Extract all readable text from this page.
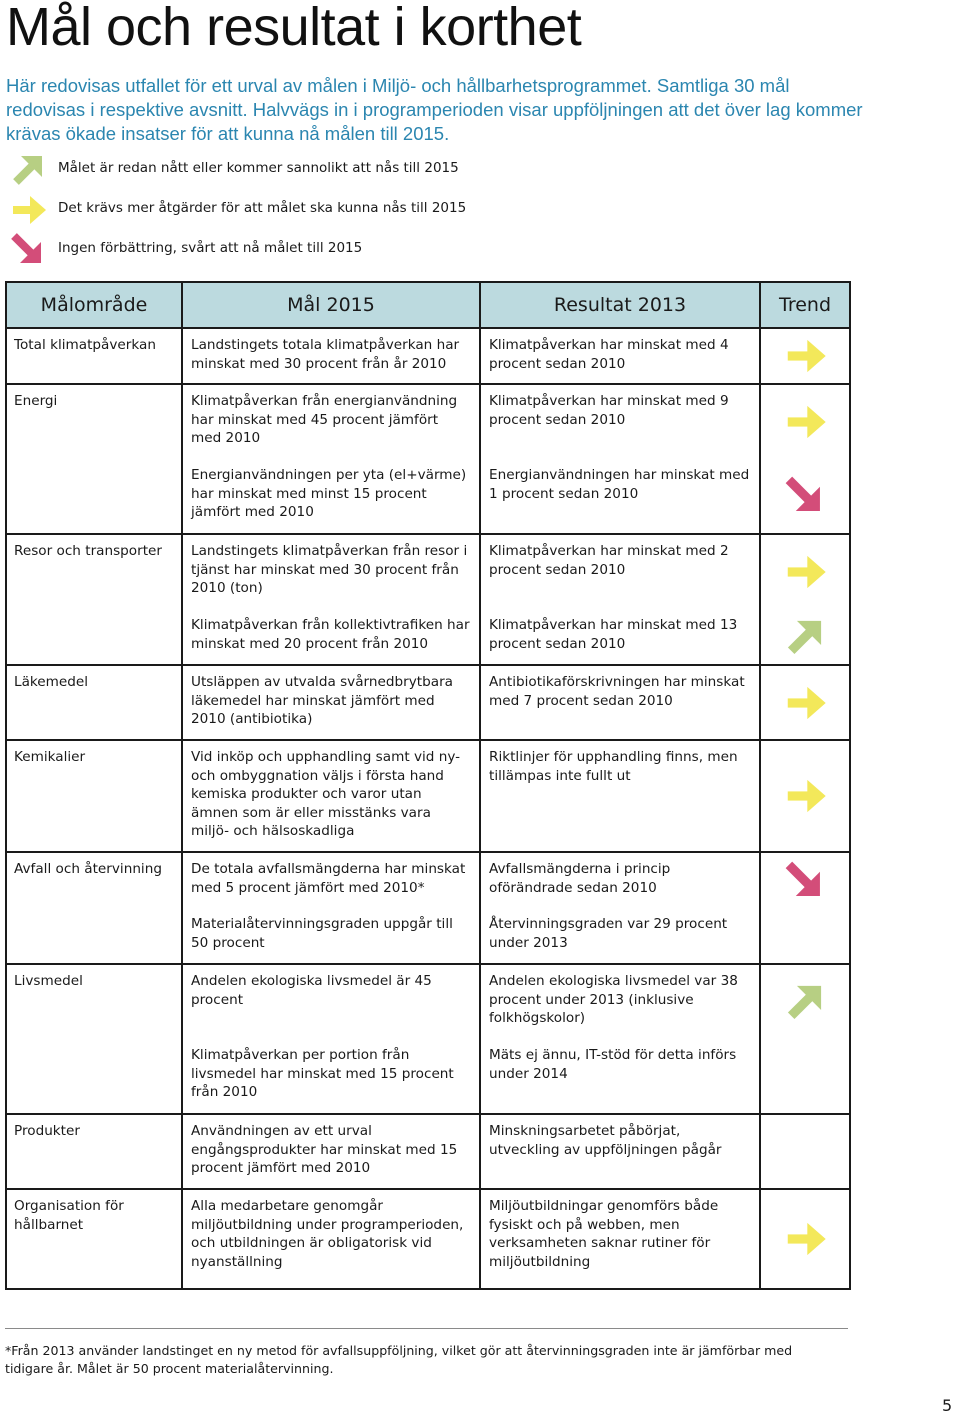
Mål och resultat i korthet

Här redovisas utfallet för ett urval av målen i Miljö- och hållbarhetsprogrammet. Samtliga 30 mål redovisas i respektive avsnitt. Halvvägs in i programperioden visar uppföljningen att det över lag kommer krävas ökade insatser för att kunna nå målen till 2015.

Målet är redan nått eller kommer sannolikt att nås till 2015
Det krävs mer åtgärder för att målet ska kunna nås till 2015
Ingen förbättring, svårt att nå målet till 2015
Målområde	Mål 2015	Resultat 2013	Trend
Total klimatpåverkan	Landstingets totala klimatpåverkan har minskat med 30 procent från år 2010	Klimatpåverkan har minskat med 4 procent sedan 2010	

Energi	Klimatpåverkan från energianvändning har minskat med 45 procent jämfört med 2010	Klimatpåverkan har minskat med 9 procent sedan 2010	

	Energianvändningen per yta (el+värme) har minskat med minst 15 procent jämfört med 2010	Energianvändningen har minskat med 1 procent sedan 2010	

Resor och transporter	Landstingets klimatpåverkan från resor i tjänst har minskat med 30 procent från 2010 (ton)	Klimatpåverkan har minskat med 2 procent sedan 2010	

	Klimatpåverkan från kollektivtrafiken har minskat med 20 procent från 2010	Klimatpåverkan har minskat med 13 procent sedan 2010	

Läkemedel	Utsläppen av utvalda svårnedbrytbara läkemedel har minskat jämfört med 2010 (antibiotika)	Antibiotikaförskrivningen har minskat med 7 procent sedan 2010	

Kemikalier	Vid inköp och upphandling samt vid ny- och ombyggnation väljs i första hand kemiska produkter och varor utan ämnen som är eller misstänks vara miljö- och hälsoskadliga	Riktlinjer för upphandling finns, men tillämpas inte fullt ut	

Avfall och återvinning	De totala avfallsmängderna har minskat med 5 procent jämfört med 2010*	Avfallsmängderna i princip oförändrade sedan 2010	

	Materialåtervinningsgraden uppgår till 50 procent	Återvinningsgraden var 29 procent under 2013	
Livsmedel	Andelen ekologiska livsmedel är 45 procent	Andelen ekologiska livsmedel var 38 procent under 2013 (inklusive folkhögskolor)	

	Klimatpåverkan per portion från livsmedel har minskat med 15 procent från 2010	Mäts ej ännu, IT-stöd för detta införs under 2014	
Produkter	Användningen av ett urval engångsprodukter har minskat med 15 procent jämfört med 2010	Minskningsarbetet påbörjat, utveckling av uppföljningen pågår	
Organisation för hållbarnet	Alla medarbetare genomgår miljöutbildning under programperioden, och utbildningen är obligatorisk vid nyanställning	Miljöutbildningar genomförs både fysiskt och på webben, men verksamheten saknar rutiner för miljöutbildning	

*Från 2013 använder landstinget en ny metod för avfallsuppföljning, vilket gör att återvinningsgraden inte är jämförbar med tidigare år. Målet är 50 procent materialåtervinning.

5
